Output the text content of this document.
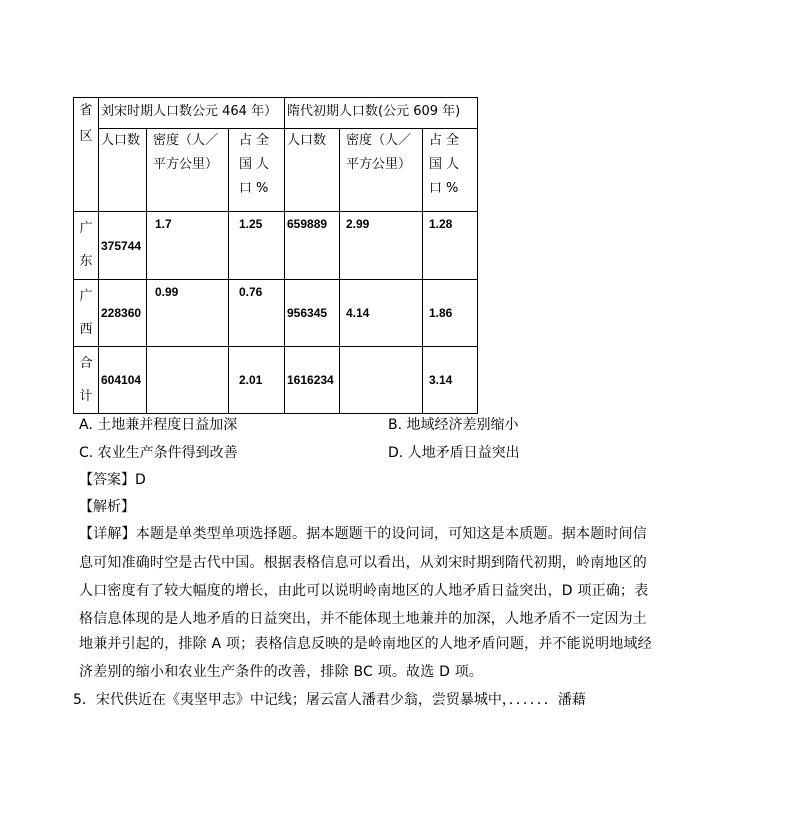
省区	刘宋时期人口数公元 464 年）			隋代初期人口数(公元 609 年)		
	人口数	密度（人／平方公里）	占全国人口%	人口数	密度（人／平方公里）	占全国人口%
广东	375744	1.7	1.25	659889	2.99	1.28
广西	228360	0.99	0.76	956345	4.14	1.86
合计	604104		2.01	1616234		3.14
A. 土地兼并程度日益加深	B. 地域经济差别缩小
C. 农业生产条件得到改善	D. 人地矛盾日益突出
【答案】D
【解析】
【详解】本题是单类型单项选择题。据本题题干的设问词，可知这是本质题。据本题时间信
息可知准确时空是古代中国。根据表格信息可以看出，从刘宋时期到隋代初期，岭南地区的
人口密度有了较大幅度的增长，由此可以说明岭南地区的人地矛盾日益突出，D 项正确；表
格信息体现的是人地矛盾的日益突出，并不能体现土地兼并的加深，人地矛盾不一定因为土
地兼并引起的，排除 A 项；表格信息反映的是岭南地区的人地矛盾问题，并不能说明地域经
济差别的缩小和农业生产条件的改善，排除 BC 项。故选 D 项。
5．宋代供近在《夷坚甲志》中记线；屠云富人潘君少翁，尝贸暴城中，．．．．．．潘藉
